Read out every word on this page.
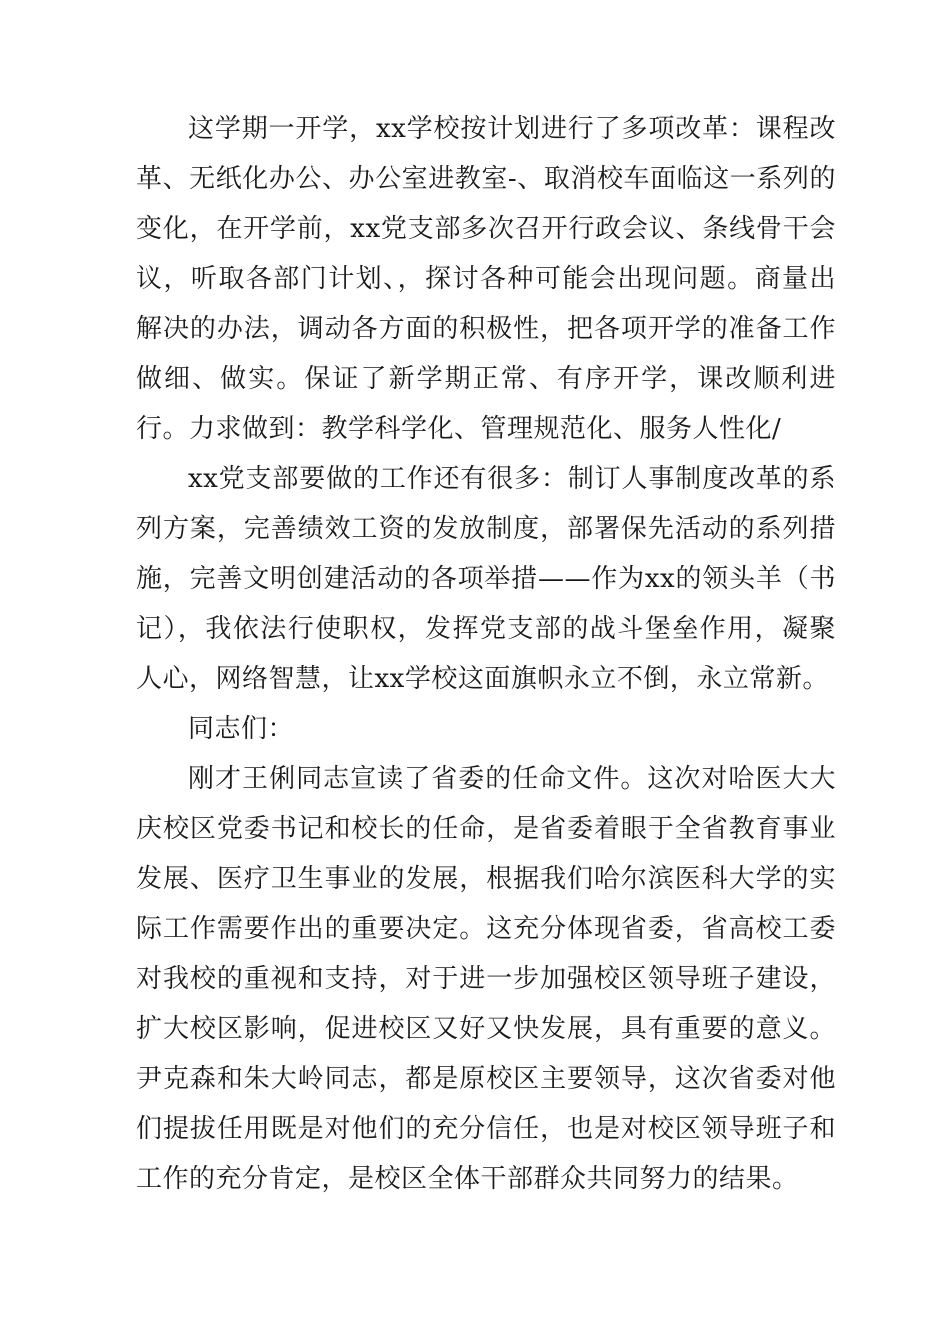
这学期一开学，xx学校按计划进行了多项改革：课程改革、无纸化办公、办公室进教室-、取消校车面临这一系列的变化，在开学前，xx党支部多次召开行政会议、条线骨干会议，听取各部门计划、，探讨各种可能会出现问题。商量出解决的办法，调动各方面的积极性，把各项开学的准备工作做细、做实。保证了新学期正常、有序开学，课改顺利进行。力求做到：教学科学化、管理规范化、服务人性化/

xx党支部要做的工作还有很多：制订人事制度改革的系列方案，完善绩效工资的发放制度，部署保先活动的系列措施，完善文明创建活动的各项举措——作为xx的领头羊（书记），我依法行使职权，发挥党支部的战斗堡垒作用，凝聚人心，网络智慧，让xx学校这面旗帜永立不倒，永立常新。

同志们：

刚才王俐同志宣读了省委的任命文件。这次对哈医大大庆校区党委书记和校长的任命，是省委着眼于全省教育事业发展、医疗卫生事业的发展，根据我们哈尔滨医科大学的实际工作需要作出的重要决定。这充分体现省委，省高校工委对我校的重视和支持，对于进一步加强校区领导班子建设，扩大校区影响，促进校区又好又快发展，具有重要的意义。尹克森和朱大岭同志，都是原校区主要领导，这次省委对他们提拔任用既是对他们的充分信任，也是对校区领导班子和工作的充分肯定，是校区全体干部群众共同努力的结果。
